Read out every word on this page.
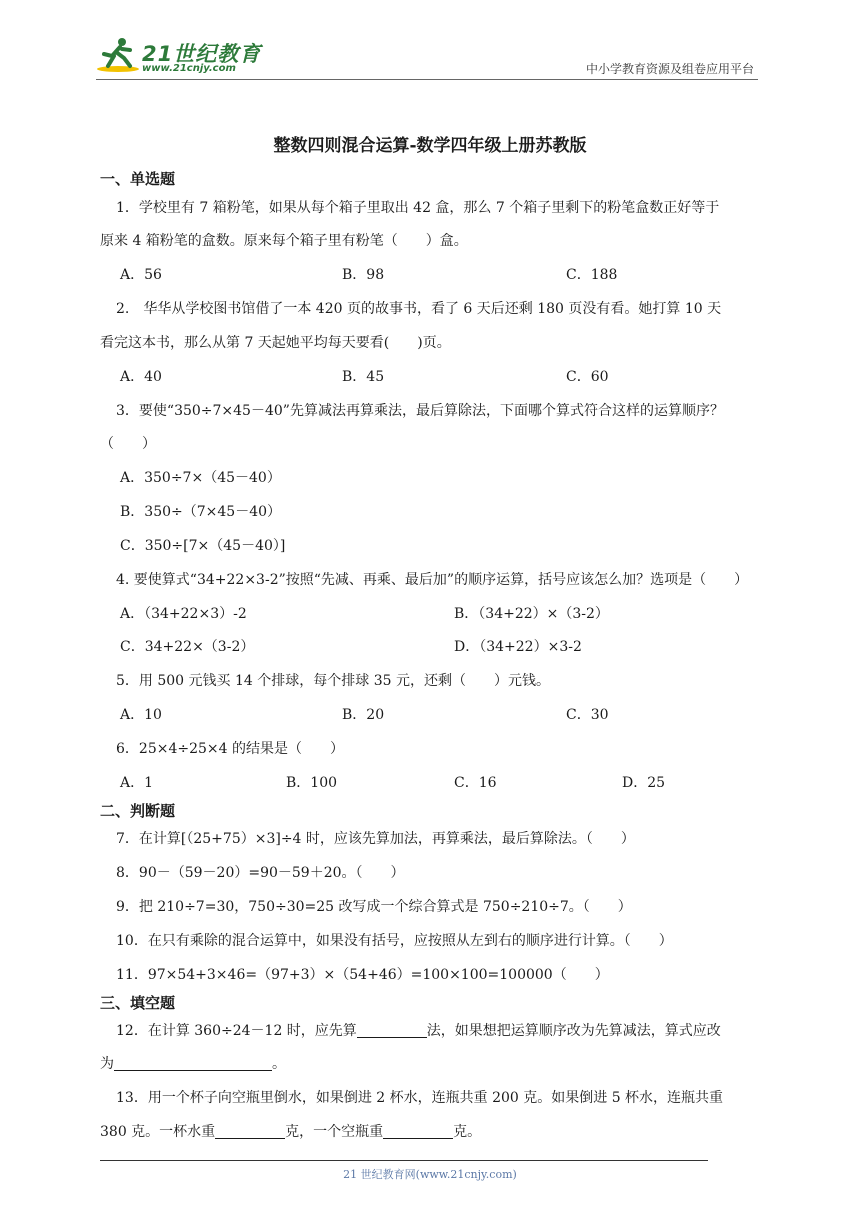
21世纪教育
www.21cnjy.com	中小学教育资源及组卷应用平台
整数四则混合运算-数学四年级上册苏教版
一、单选题
1．学校里有 7 箱粉笔，如果从每个箱子里取出 42 盒，那么 7 个箱子里剩下的粉笔盒数正好等于
原来 4 箱粉笔的盒数。原来每个箱子里有粉笔（　　）盒。
A．56	B．98	C．188
2.　华华从学校图书馆借了一本 420 页的故事书，看了 6 天后还剩 180 页没有看。她打算 10 天
看完这本书，那么从第 7 天起她平均每天要看(　　)页。
A．40	B．45	C．60
3．要使“350÷7×45－40”先算减法再算乘法，最后算除法，下面哪个算式符合这样的运算顺序？
（　　）
A．350÷7×（45－40）
B．350÷（7×45－40）
C．350÷[7×（45－40）]
4. 要使算式“34+22×3-2”按照“先减、再乘、最后加”的顺序运算，括号应该怎么加？选项是（　　）
A．（34+22×3）-2	B．（34+22）×（3-2）
C．34+22×（3-2）	D．（34+22）×3-2
5．用 500 元钱买 14 个排球，每个排球 35 元，还剩（　　）元钱。
A．10	B．20	C．30
6．25×4÷25×4 的结果是（　　）
A．1	B．100	C．16	D．25
二、判断题
7．在计算[（25+75）×3]÷4 时，应该先算加法，再算乘法，最后算除法。（　　）
8．90－（59－20）=90－59＋20。（　　）
9．把 210÷7=30，750÷30=25 改写成一个综合算式是 750÷210÷7。（　　）
10．在只有乘除的混合运算中，如果没有括号，应按照从左到右的顺序进行计算。（　　）
11．97×54+3×46=（97+3）×（54+46）=100×100=100000（　　）
三、填空题
12．在计算 360÷24－12 时，应先算	法，如果想把运算顺序改为先算减法，算式应改
为	。
13．用一个杯子向空瓶里倒水，如果倒进 2 杯水，连瓶共重 200 克。如果倒进 5 杯水，连瓶共重
380 克。一杯水重	克，一个空瓶重	克。
21 世纪教育网(www.21cnjy.com)
